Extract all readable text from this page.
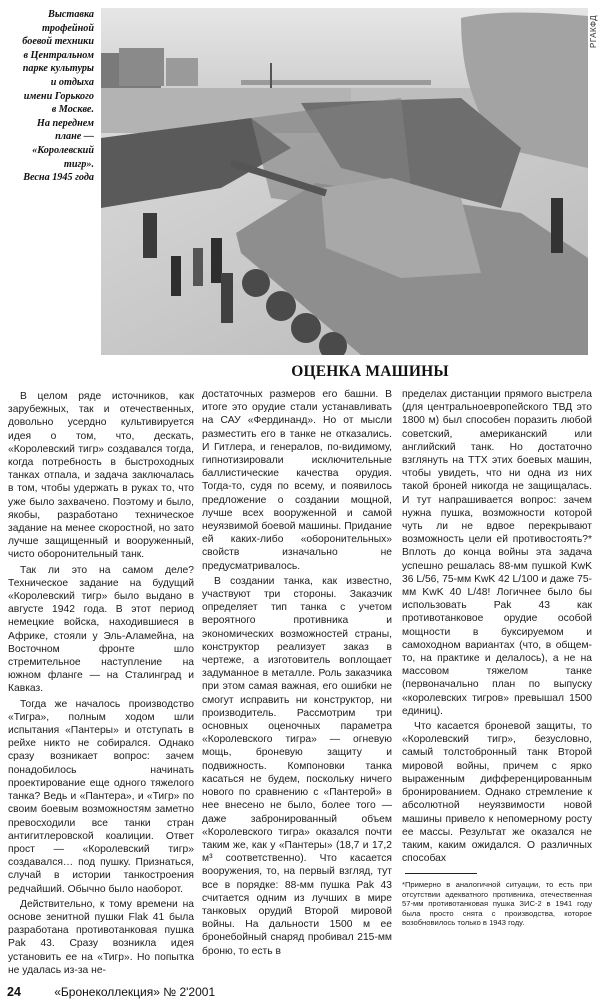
Выставка
трофейной
боевой техники
в Центральном
парке культуры
и отдыха
имени Горького
в Москве.
На переднем
плане —
«Королевский
тигр».
Весна 1945 года
РГАКФД
ОЦЕНКА МАШИНЫ

В целом ряде источников, как зарубежных, так и отечественных, довольно усердно культивируется идея о том, что, дескать, «Королевский тигр» создавался тогда, когда потребность в быстроходных танках отпала, и задача заключалась в том, чтобы удержать в руках то, что уже было захвачено. Поэтому и было, якобы, разработано техническое задание на менее скоростной, но зато лучше защищенный и вооруженный, чисто оборонительный танк.

Так ли это на самом деле? Техническое задание на будущий «Королевский тигр» было выдано в августе 1942 года. В этот период немецкие войска, находившиеся в Африке, стояли у Эль-Аламейна, на Восточном фронте шло стремительное наступление на южном фланге — на Сталинград и Кавказ.

Тогда же началось производство «Тигра», полным ходом шли испытания «Пантеры» и отступать в рейхе никто не собирался. Однако сразу возникает вопрос: зачем понадобилось начинать проектирование еще одного тяжелого танка? Ведь и «Пантера», и «Тигр» по своим боевым возможностям заметно превосходили все танки стран антигитлеровской коалиции. Ответ прост — «Королевский тигр» создавался… под пушку. Признаться, случай в истории танкостроения редчайший. Обычно было наоборот.

Действительно, к тому времени на основе зенитной пушки Flak 41 была разработана противотанковая пушка Pak 43. Сразу возникла идея установить ее на «Тигр». Но попытка не удалась из-за не-

достаточных размеров его башни. В итоге это орудие стали устанавливать на САУ «Фердинанд». Но от мысли разместить его в танке не отказались. И Гитлера, и генералов, по-видимому, гипнотизировали исключительные баллистические качества орудия. Тогда-то, судя по всему, и появилось предложение о создании мощной, лучше всех вооруженной и самой неуязвимой боевой машины. Придание ей каких-либо «оборонительных» свойств изначально не предусматривалось.

В создании танка, как известно, участвуют три стороны. Заказчик определяет тип танка с учетом вероятного противника и экономических возможностей страны, конструктор реализует заказ в чертеже, а изготовитель воплощает задуманное в металле. Роль заказчика при этом самая важная, его ошибки не смогут исправить ни конструктор, ни производитель. Рассмотрим три основных оценочных параметра «Королевского тигра» — огневую мощь, броневую защиту и подвижность. Компоновки танка касаться не будем, поскольку ничего нового по сравнению с «Пантерой» в нее внесено не было, более того — даже забронированный объем «Королевского тигра» оказался почти таким же, как у «Пантеры» (18,7 и 17,2 м³ соответственно). Что касается вооружения, то, на первый взгляд, тут все в порядке: 88-мм пушка Pak 43 считается одним из лучших в мире танковых орудий Второй мировой войны. На дальности 1500 м ее бронебойный снаряд пробивал 215-мм броню, то есть в

пределах дистанции прямого выстрела (для центральноевропейского ТВД это 1800 м) был способен поразить любой советский, американский или английский танк. Но достаточно взглянуть на ТТХ этих боевых машин, чтобы увидеть, что ни одна из них такой броней никогда не защищалась. И тут напрашивается вопрос: зачем нужна пушка, возможности которой чуть ли не вдвое перекрывают возможность цели ей противостоять?* Вплоть до конца войны эта задача успешно решалась 88-мм пушкой KwK 36 L/56, 75-мм KwK 42 L/100 и даже 75-мм KwK 40 L/48! Логичнее было бы использовать Pak 43 как противотанковое орудие особой мощности в буксируемом и самоходном вариантах (что, в общем-то, на практике и делалось), а не на массовом тяжелом танке (первоначально план по выпуску «королевских тигров» превышал 1500 единиц).

Что касается броневой защиты, то «Королевский тигр», безусловно, самый толстобронный танк Второй мировой войны, причем с ярко выраженным дифференцированным бронированием. Однако стремление к абсолютной неуязвимости новой машины привело к непомерному росту ее массы. Результат же оказался не таким, каким ожидался. О различных способах

*Примерно в аналогичной ситуации, то есть при отсутствии адекватного противника, отечественная 57-мм противотанковая пушка ЗИС-2 в 1941 году была просто снята с производства, которое возобновилось только в 1943 году.
24	«Бронеколлекция» № 2'2001
